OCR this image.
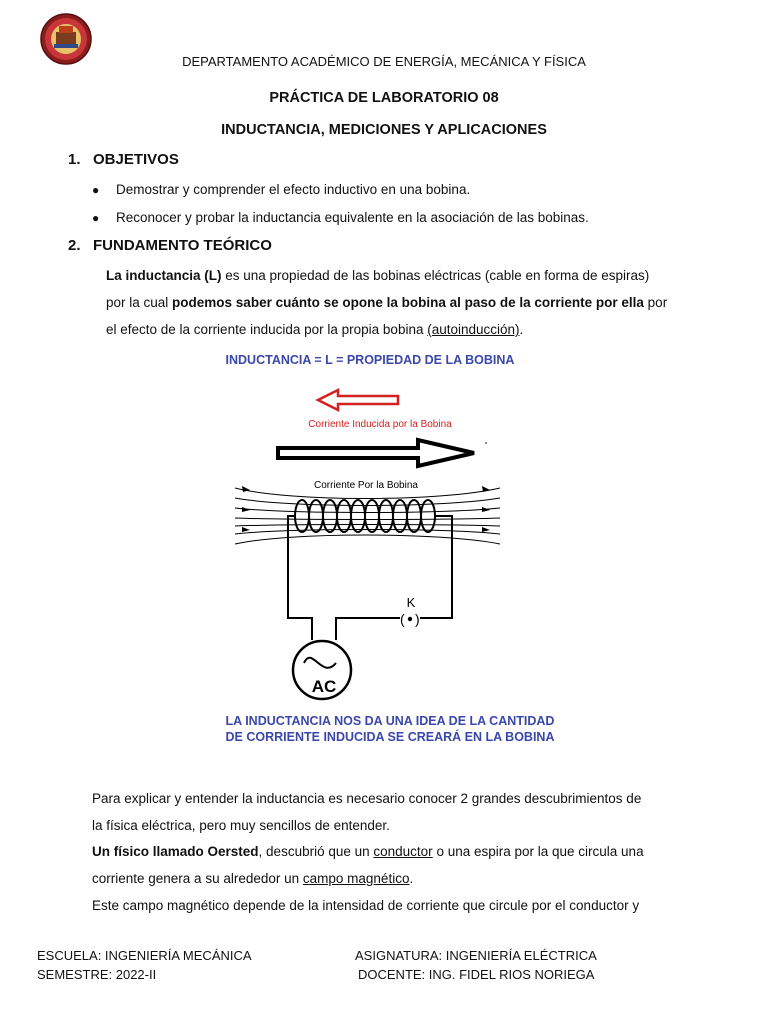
DEPARTAMENTO ACADÉMICO DE ENERGÍA, MECÁNICA Y FÍSICA
PRÁCTICA DE LABORATORIO 08
INDUCTANCIA, MEDICIONES Y APLICACIONES
1. OBJETIVOS
● Demostrar y comprender el efecto inductivo en una bobina.
● Reconocer y probar la inductancia equivalente en la asociación de las bobinas.
2. FUNDAMENTO TEÓRICO
La inductancia (L) es una propiedad de las bobinas eléctricas (cable en forma de espiras)
por la cual podemos saber cuánto se opone la bobina al paso de la corriente por ella por
el efecto de la corriente inducida por la propia bobina (autoinducción).
INDUCTANCIA = L = PROPIEDAD DE LA BOBINA
Corriente Inducida por la Bobina
Corriente Por la Bobina
K
( )
AC
LA INDUCTANCIA NOS DA UNA IDEA DE LA CANTIDAD
DE CORRIENTE INDUCIDA SE CREARÁ EN LA BOBINA
Para explicar y entender la inductancia es necesario conocer 2 grandes descubrimientos de
la física eléctrica, pero muy sencillos de entender.
Un físico llamado Oersted, descubrió que un conductor o una espira por la que circula una
corriente genera a su alrededor un campo magnético.
Este campo magnético depende de la intensidad de corriente que circule por el conductor y
ESCUELA: INGENIERÍA MECÁNICA
SEMESTRE: 2022-II
ASIGNATURA: INGENIERÍA ELÉCTRICA
DOCENTE: ING. FIDEL RIOS NORIEGA
